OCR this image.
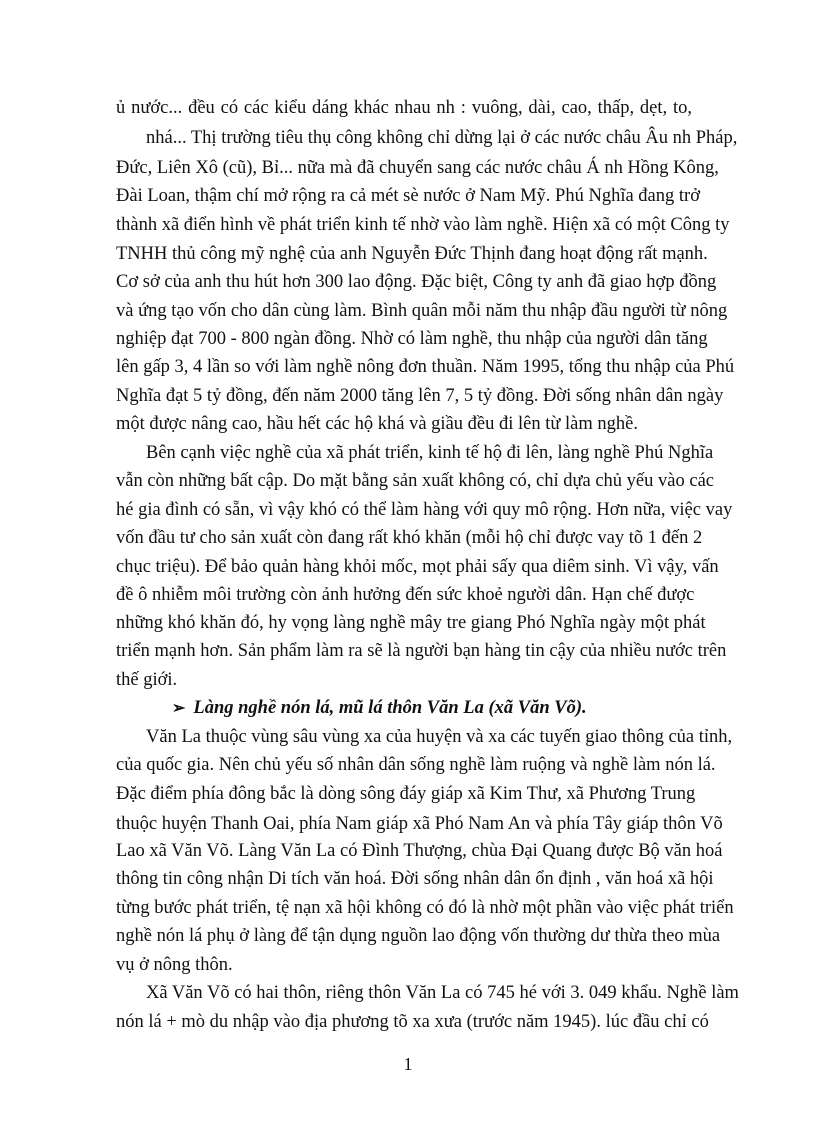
ủ nước... đều có các kiểu dáng khác nhau nh : vuông, dài, cao, thấp, dẹt, to,
nhá... Thị trường tiêu thụ công không chỉ dừng lại ở các nước châu Âu nh Pháp,
Đức, Liên Xô (cũ), Bỉ... nữa mà đã chuyển sang các nước châu Á nh Hồng Kông,
Đài Loan, thậm chí mở rộng ra cả mét sè nước ở Nam Mỹ. Phú Nghĩa đang trở
thành xã điển hình về phát triển kinh tế nhờ vào làm nghề. Hiện xã có một Công ty
TNHH thủ công mỹ nghệ của anh Nguyễn Đức Thịnh đang hoạt động rất mạnh.
Cơ sở của anh thu hút hơn 300 lao động. Đặc biệt, Công ty anh đã giao hợp đồng
và ứng tạo vốn cho dân cùng làm. Bình quân mỗi năm thu nhập đầu người từ nông
nghiệp đạt 700 - 800 ngàn đồng. Nhờ có làm nghề, thu nhập của người dân tăng
lên gấp 3, 4 lần so với làm nghề nông đơn thuần. Năm 1995, tổng thu nhập của Phú
Nghĩa đạt 5 tỷ đồng, đến năm 2000 tăng lên 7, 5 tỷ đồng. Đời sống nhân dân ngày
một được nâng cao, hầu hết các hộ khá và giầu đều đi lên từ làm nghề.
Bên cạnh việc nghề của xã phát triển, kinh tế hộ đi lên, làng nghề Phú Nghĩa
vẫn còn những bất cập. Do mặt bằng sản xuất không có, chỉ dựa chủ yếu vào các
hé gia đình có sẵn, vì vậy khó có thể làm hàng với quy mô rộng. Hơn nữa, việc vay
vốn đầu tư cho sản xuất còn đang rất khó khăn (mỗi hộ chỉ được vay tõ 1 đến 2
chục triệu). Để bảo quản hàng khỏi mốc, mọt phải sấy qua diêm sinh. Vì vậy, vấn
đề ô nhiễm môi trường còn ảnh hưởng đến sức khoẻ người dân. Hạn chế được
những khó khăn đó, hy vọng làng nghề mây tre giang Phó Nghĩa ngày một phát
triển mạnh hơn. Sản phẩm làm ra sẽ là người bạn hàng tin cậy của nhiều nước trên
thế giới.
➢ Làng nghề nón lá, mũ lá thôn Văn La (xã Văn Võ).
Văn La thuộc vùng sâu vùng xa của huyện và xa các tuyến giao thông của tỉnh,
của quốc gia. Nên chủ yếu số nhân dân sống nghề làm ruộng và nghề làm nón lá.
Đặc điểm phía đông bắc là dòng sông đáy giáp xã Kim Thư, xã Phương Trung
thuộc huyện Thanh Oai, phía Nam giáp xã Phó Nam An và phía Tây giáp thôn Võ
Lao xã Văn Võ. Làng Văn La có Đình Thượng, chùa Đại Quang được Bộ văn hoá
thông tin công nhận Di tích văn hoá. Đời sống nhân dân ổn định , văn hoá xã hội
từng bước phát triển, tệ nạn xã hội không có đó là nhờ một phần vào việc phát triển
nghề nón lá phụ ở làng để tận dụng nguồn lao động vốn thường dư thừa theo mùa
vụ ở nông thôn.
Xã Văn Võ có hai thôn, riêng thôn Văn La có 745 hé với 3. 049 khẩu. Nghề làm
nón lá + mò du nhập vào địa phương tõ xa xưa (trước năm 1945). lúc đầu chỉ có
1
